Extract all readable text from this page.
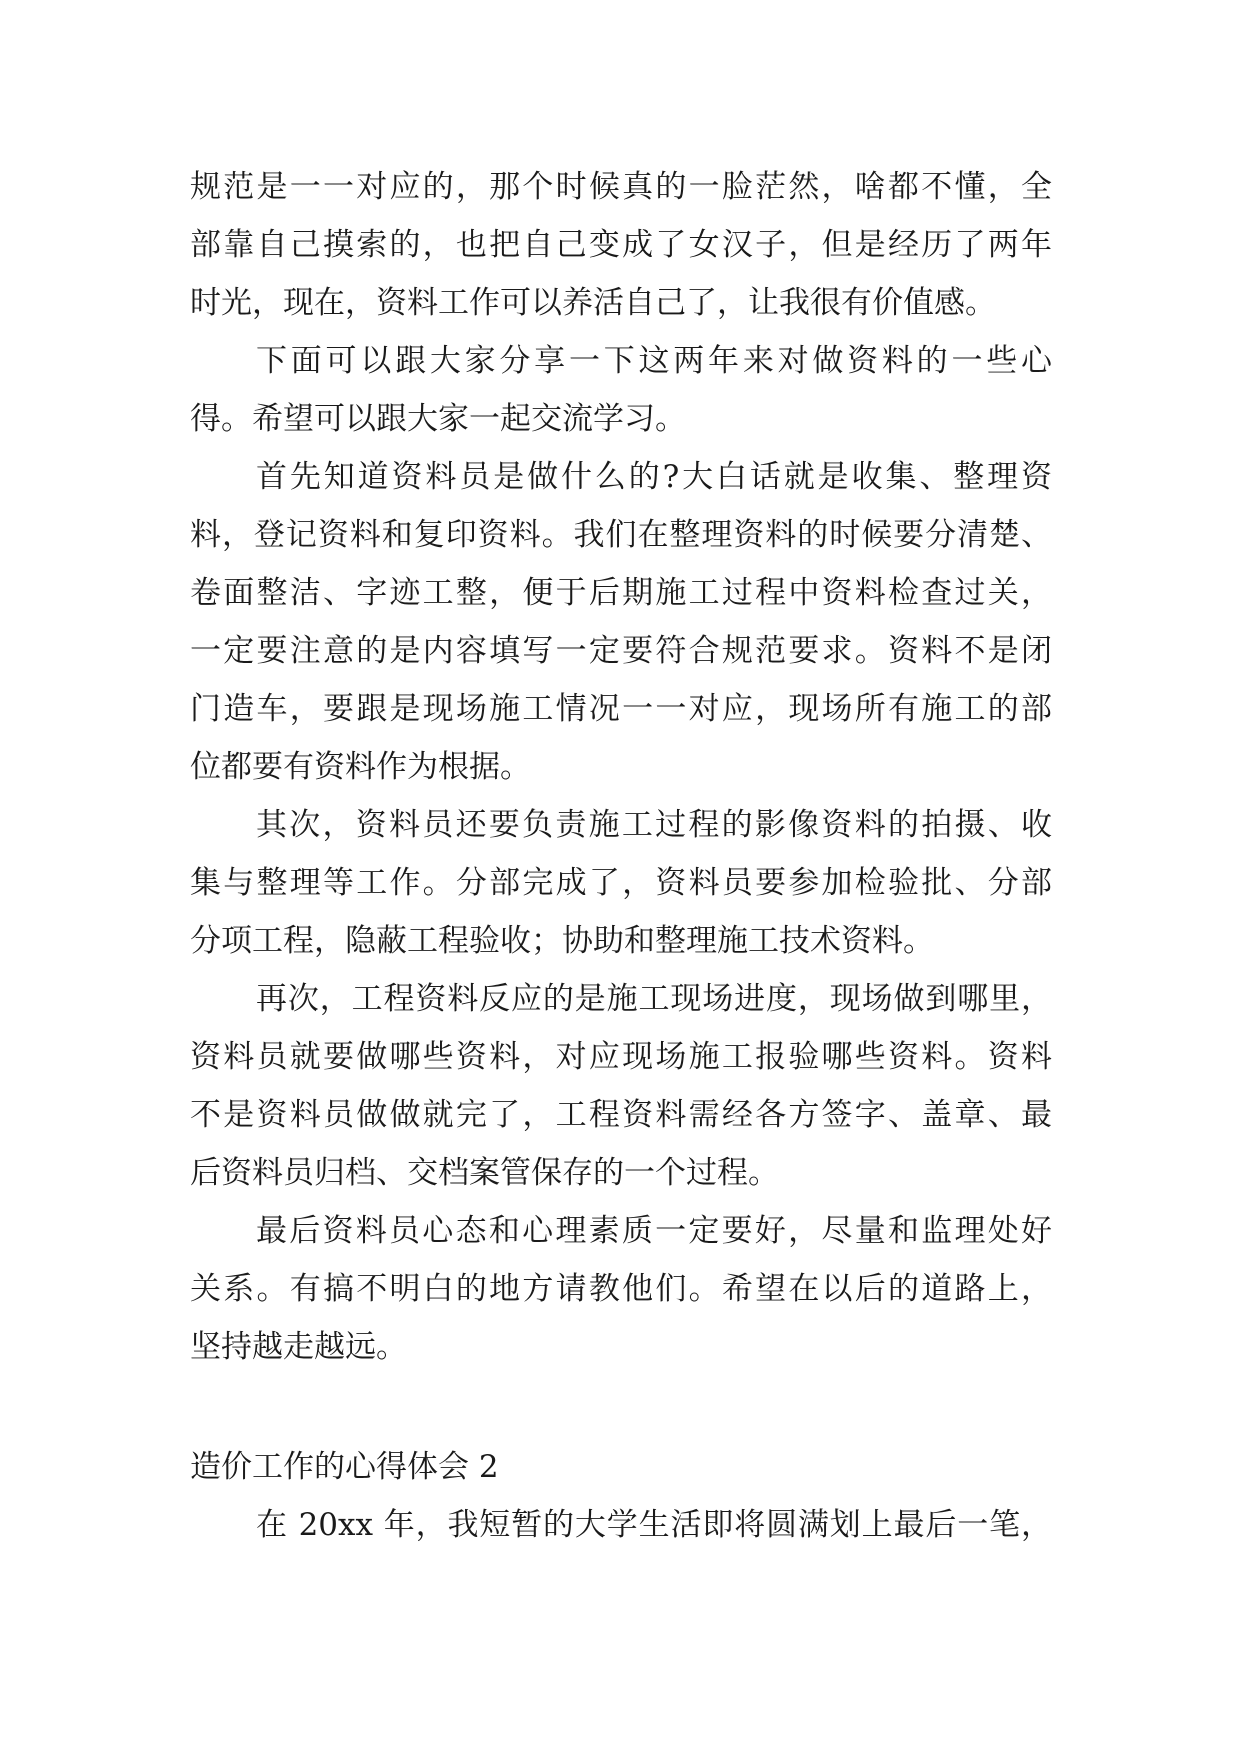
规范是一一对应的，那个时候真的一脸茫然，啥都不懂，全
部靠自己摸索的，也把自己变成了女汉子，但是经历了两年
时光，现在，资料工作可以养活自己了，让我很有价值感。
下面可以跟大家分享一下这两年来对做资料的一些心
得。希望可以跟大家一起交流学习。
首先知道资料员是做什么的?大白话就是收集、整理资
料，登记资料和复印资料。我们在整理资料的时候要分清楚、
卷面整洁、字迹工整，便于后期施工过程中资料检查过关，
一定要注意的是内容填写一定要符合规范要求。资料不是闭
门造车，要跟是现场施工情况一一对应，现场所有施工的部
位都要有资料作为根据。
其次，资料员还要负责施工过程的影像资料的拍摄、收
集与整理等工作。分部完成了，资料员要参加检验批、分部
分项工程，隐蔽工程验收；协助和整理施工技术资料。
再次，工程资料反应的是施工现场进度，现场做到哪里，
资料员就要做哪些资料，对应现场施工报验哪些资料。资料
不是资料员做做就完了，工程资料需经各方签字、盖章、最
后资料员归档、交档案管保存的一个过程。
最后资料员心态和心理素质一定要好，尽量和监理处好
关系。有搞不明白的地方请教他们。希望在以后的道路上，
坚持越走越远。
造价工作的心得体会 2
在 20xx 年，我短暂的大学生活即将圆满划上最后一笔，
